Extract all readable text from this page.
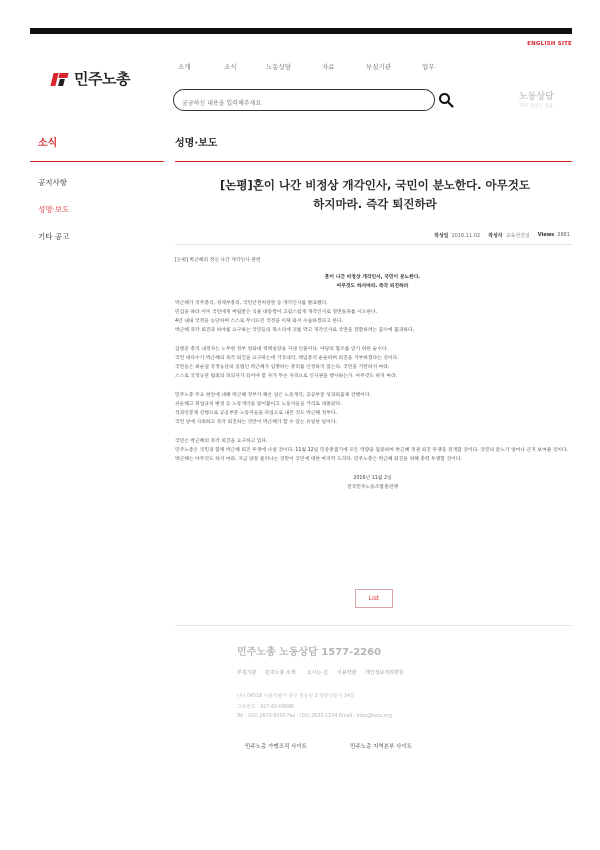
ENGLISH SITE
민주노총
소개	소식	노동상담	자료	부설기관	업무
궁금하신 내용을 입력해주세요
노동상담
무료 온라인 상담
소식
공지사항
성명·보도
기타 공고
성명·보도
[논평]혼이 나간 비정상 개각인사, 국민이 분노한다. 아무것도
하지마라. 즉각 퇴진하라
작성일 2016.11.02 작성자 교육선전실 Views 3881

[논평] 박근혜의 정신 나간 개각인사 관련

혼이 나간 비정상 개각인사, 국민이 분노한다.

아무것도 하지마라. 즉각 퇴진하라

박근혜가 국무총리, 경제부총리, 국민안전처장관 등 개각인사를 발표했다.

민심을 따라 이미 국민에게 버림받은 식물 대통령이 고집스럽게 개각인사로 정면돌파를 시도한다.

4년 내내 국정을 농단하며 스스로 무너뜨린 국정을 이제 와서 수습하겠다고 한다.

박근혜 즉각 퇴진과 하야를 요구하는 국민들의 목소리에 귀를 막고 개각인사로 국면을 전환하려는 꼼수에 불과하다.

김병준 총리 내정자는 노무현 정부 청와대 정책실장을 지낸 인물이다. 야당의 협조를 얻기 위한 술수다.

국민 대다수가 박근혜의 즉각 퇴진을 요구하는데 거국내각, 책임총리 운운하며 퇴진을 거부하겠다는 것이다.

국민들은 최순실 국정농단의 공범인 박근혜가 임명하는 총리를 인정하지 않는다. 국민을 기만하지 마라.

스스로 국정농단 범죄의 피의자가 되어야 할 자가 무슨 자격으로 인사권을 행사하는가. 아무것도 하지 마라.

민주노총 주요 현안에 대해 박근혜 정부가 해온 일은 노동개악, 공공부문 성과퇴출제 강행이다.

쉬운해고 취업규칙 변경 등 노동개악을 밀어붙이고 노동자들을 거리로 내몰았다.

성과연봉제 강행으로 공공부문 노동자들을 파업으로 내몬 것도 박근혜 정부다.

국민 앞에 사죄하고 즉각 퇴진하는 것만이 박근혜가 할 수 있는 유일한 일이다.

국민은 박근혜의 즉각 퇴진을 요구하고 있다.

민주노총은 국민과 함께 박근혜 퇴진 투쟁에 나설 것이다. 11월 12일 민중총궐기에 모든 역량을 집중하여 박근혜 정권 퇴진 투쟁을 전개할 것이다. 국민의 분노가 얼마나 큰지 보여줄 것이다.

박근혜는 아무것도 하지 마라. 지금 당장 물러나는 것만이 국민에 대한 마지막 도리다. 민주노총은 박근혜 퇴진을 위해 총력 투쟁할 것이다.

2016년 11월 2일

전국민주노동조합총연맹

List
민주노총 노동상담 1577-2260
부설기관	민주노총 소개	오시는 길	이용약관	개인정보처리방침
(우) 04518 서울특별시 중구 정동길 3 경향신문사 14층
고유번호 : 107-82-09086
Tel : (02) 2670-9100 Fax : (02) 2635-1134 Email : kctu@kctu.org
민주노총 가맹조직 사이트	민주노총 지역본부 사이트
